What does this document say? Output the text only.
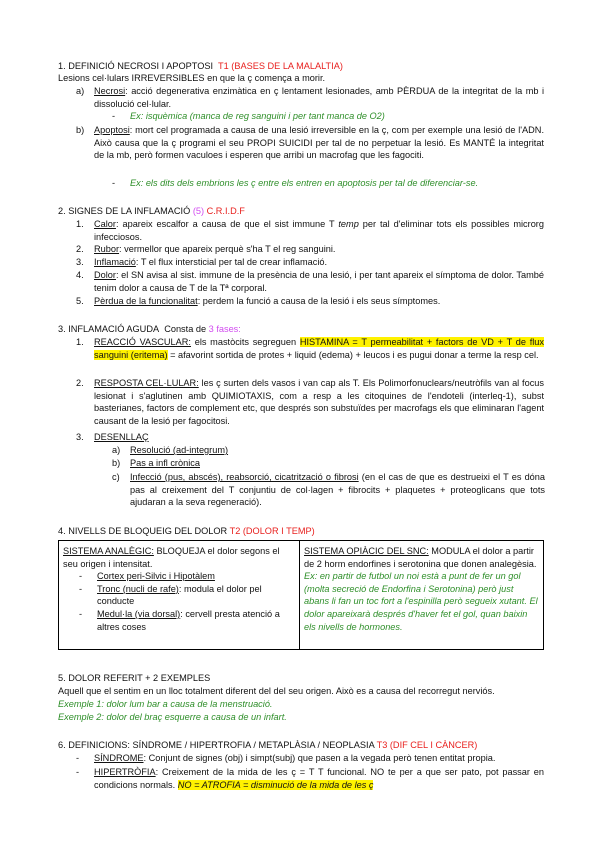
1. DEFINICIÓ NECROSI I APOPTOSI T1 (BASES DE LA MALALTIA)
Lesions cel·lulars IRREVERSIBLES en que la ç comença a morir.
a) Necrosi: acció degenerativa enzimàtica en ç lentament lesionades, amb PÈRDUA de la integritat de la mb i dissolució cel·lular.
- Ex: isquèmica (manca de reg sanguini i per tant manca de O2)
b) Apoptosi: mort cel programada a causa de una lesió irreversible en la ç, com per exemple una lesió de l'ADN. Això causa que la ç programi el seu PROPI SUICIDI per tal de no perpetuar la lesió. Es MANTÉ la integritat de la mb, però formen vaculoes i esperen que arribi un macrofag que les fagociti.
- Ex: els dits dels embrions les ç entre els entren en apoptosis per tal de diferenciar-se.
2. SIGNES DE LA INFLAMACIÓ (5) C.R.I.D.F
1. Calor: apareix escalfor a causa de que el sist immune T temp per tal d'eliminar tots els possibles microrg infecciosos.
2. Rubor: vermellor que apareix perquè s'ha T el reg sanguini.
3. Inflamació: T el flux intersticial per tal de crear inflamació.
4. Dolor: el SN avisa al sist. immune de la presència de una lesió, i per tant apareix el símptoma de dolor. També tenim dolor a causa de T de la Tª corporal.
5. Pèrdua de la funcionalitat: perdem la funció a causa de la lesió i els seus símptomes.
3. INFLAMACIÓ AGUDA Consta de 3 fases:
1. REACCIÓ VASCULAR: els mastòcits segreguen HISTAMINA = T permeabilitat + factors de VD + T de flux sanguini (eritema) = afavorint sortida de protes + liquid (edema) + leucos i es pugui donar a terme la resp cel.
2. RESPOSTA CEL·LULAR: les ç surten dels vasos i van cap als T. Els Polimorfonuclears/neutròfils van al focus lesionat i s'aglutinen amb QUIMIOTAXIS, com a resp a les citoquines de l'endoteli (interleq-1), subst basterianes, factors de complement etc, que després son substuïdes per macrofags els que eliminaran l'agent causant de la lesió per fagocitosi.
3. DESENLLAÇ
a) Resolució (ad-integrum)
b) Pas a infl crònica
c) Infecció (pus, abscés), reabsorció, cicatrització o fibrosi (en el cas de que es destrueixi el T es dóna pas al creixement del T conjuntiu de col·lagen + fibrocits + plaquetes + proteoglicans que tots ajudaran a la seva regeneració).
4. NIVELLS DE BLOQUEIG DEL DOLOR T2 (DOLOR I TEMP)
SISTEMA ANALÈGIC: BLOQUEJA el dolor segons el seu origen i intensitat.
- Cortex peri-Silvic i Hipotàlem
- Tronc (nucli de rafe): modula el dolor pel conducte
- Medul·la (via dorsal): cervell presta atenció a altres coses

SISTEMA OPIÀCIC DEL SNC: MODULA el dolor a partir de 2 horm endorfines i serotonina que donen analegèsia.
Ex: en partir de futbol un noi està a punt de fer un gol (molta secreció de Endorfina i Serotonina) però just abans li fan un toc fort a l'espinilla però segueix xutant. El dolor apareixarà després d'haver fet el gol, quan baixin els nivells de hormones.
5. DOLOR REFERIT + 2 EXEMPLES
Aquell que el sentim en un lloc totalment diferent del del seu origen. Això es a causa del recorregut nerviós.
Exemple 1: dolor lum bar a causa de la menstruació.
Exemple 2: dolor del braç esquerre a causa de un infart.
6. DEFINICIONS: SÍNDROME / HIPERTROFIA / METAPLÀSIA / NEOPLASIA T3 (DIF CEL I CÀNCER)
- SÍNDROME: Conjunt de signes (obj) i simpt(subj) que pasen a la vegada però tenen entitat propia.
- HIPERTRÒFIA: Creixement de la mida de les ç = T T funcional. NO te per a que ser pato, pot passar en condicions normals. NO = ATROFIA = disminució de la mida de les ç
